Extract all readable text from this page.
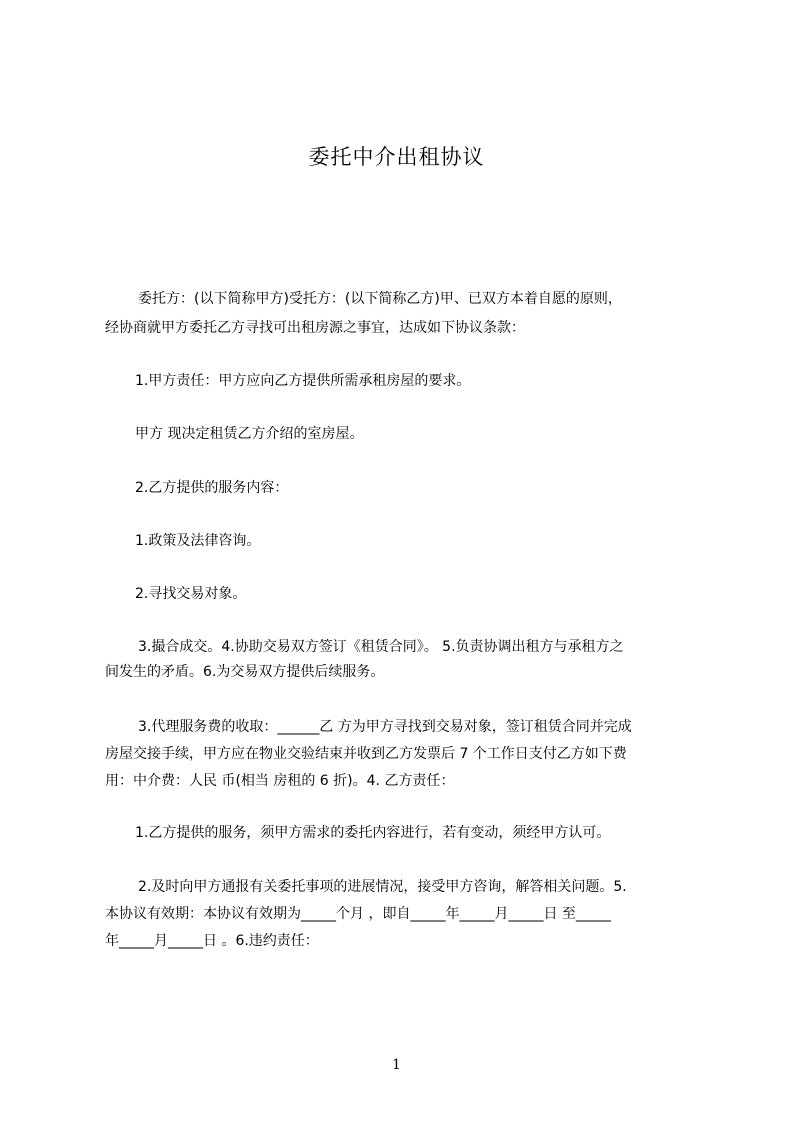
委托中介出租协议
委托方：(以下简称甲方)受托方：(以下简称乙方)甲、已双方本着自愿的原则，
经协商就甲方委托乙方寻找可出租房源之事宜，达成如下协议条款：
1.甲方责任：甲方应向乙方提供所需承租房屋的要求。
甲方 现决定租赁乙方介绍的室房屋。
2.乙方提供的服务内容：
1.政策及法律咨询。
2.寻找交易对象。
3.撮合成交。4.协助交易双方签订《租赁合同》。 5.负责协调出租方与承租方之
间发生的矛盾。6.为交易双方提供后续服务。
3.代理服务费的收取：______乙 方为甲方寻找到交易对象，签订租赁合同并完成
房屋交接手续，甲方应在物业交验结束并收到乙方发票后 7 个工作日支付乙方如下费
用：中介费：人民 币(相当 房租的 6 折)。4. 乙方责任：
1.乙方提供的服务，须甲方需求的委托内容进行，若有变动，须经甲方认可。
2.及时向甲方通报有关委托事项的进展情况，接受甲方咨询，解答相关问题。5.
本协议有效期：本协议有效期为_____个月 ，即自_____年_____月_____日 至_____
年_____月_____日 。6.违约责任：
1
